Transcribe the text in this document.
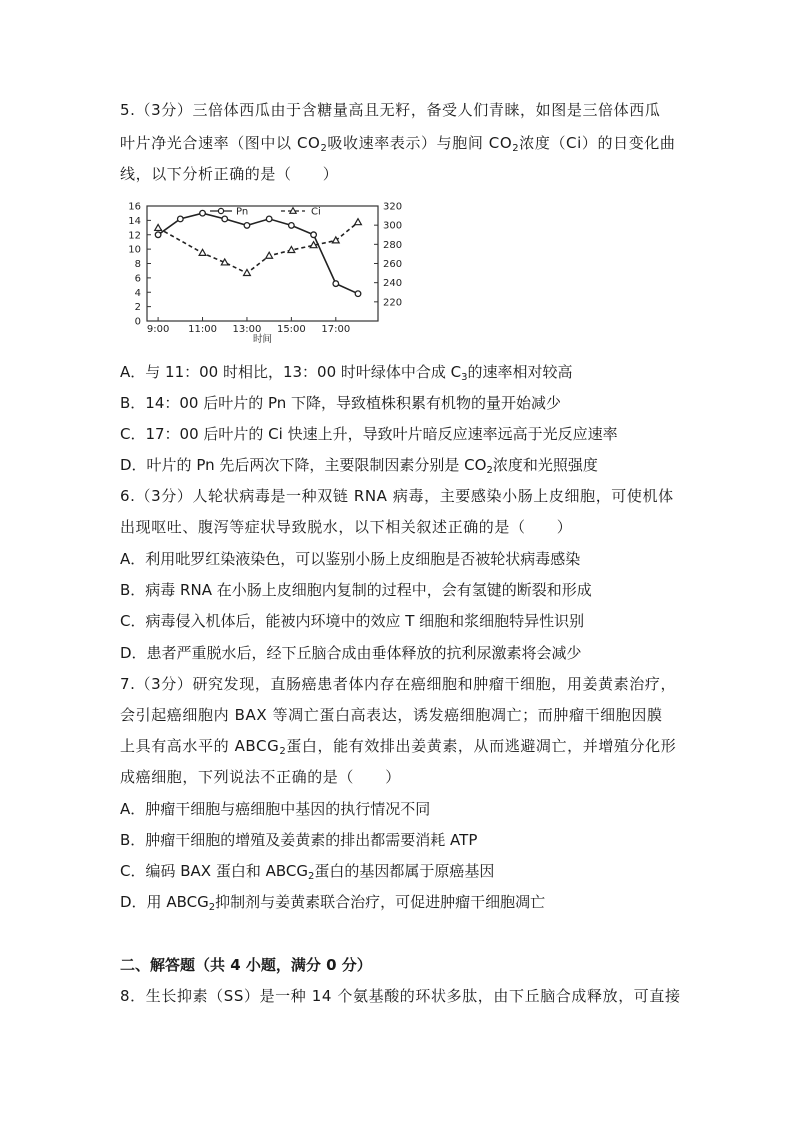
5.（3分）三倍体西瓜由于含糖量高且无籽，备受人们青睐，如图是三倍体西瓜
叶片净光合速率（图中以 $CO_2$吸收速率表示）与胞间 $CO_2$浓度（Ci）的日变化曲
线，以下分析正确的是（　　）
0
2
4
6
8
10
12
14
16
220
240
260
280
300
320
9:00 11:00 13:00 15:00 17:00
时间
Pn	Ci
A．与 11：00 时相比，13：00 时叶绿体中合成 $C_3$的速率相对较高
B．14：00 后叶片的 Pn 下降，导致植株积累有机物的量开始减少
C．17：00 后叶片的 Ci 快速上升，导致叶片暗反应速率远高于光反应速率
D．叶片的 Pn 先后两次下降，主要限制因素分别是 $CO_2$浓度和光照强度
6.（3分）人轮状病毒是一种双链 RNA 病毒，主要感染小肠上皮细胞，可使机体
出现呕吐、腹泻等症状导致脱水，以下相关叙述正确的是（　　）
A．利用吡罗红染液染色，可以鉴别小肠上皮细胞是否被轮状病毒感染
B．病毒 RNA 在小肠上皮细胞内复制的过程中，会有氢键的断裂和形成
C．病毒侵入机体后，能被内环境中的效应 T 细胞和浆细胞特异性识别
D．患者严重脱水后，经下丘脑合成由垂体释放的抗利尿激素将会减少
7.（3分）研究发现，直肠癌患者体内存在癌细胞和肿瘤干细胞，用姜黄素治疗，
会引起癌细胞内 BAX 等凋亡蛋白高表达，诱发癌细胞凋亡；而肿瘤干细胞因膜
上具有高水平的 $ABCG_2$蛋白，能有效排出姜黄素，从而逃避凋亡，并增殖分化形
成癌细胞，下列说法不正确的是（　　）
A．肿瘤干细胞与癌细胞中基因的执行情况不同
B．肿瘤干细胞的增殖及姜黄素的排出都需要消耗 ATP
C．编码 BAX 蛋白和 $ABCG_2$蛋白的基因都属于原癌基因
D．用 $ABCG_2$抑制剂与姜黄素联合治疗，可促进肿瘤干细胞凋亡
二、解答题（共 4 小题，满分 0 分）
8．生长抑素（SS）是一种 14 个氨基酸的环状多肽，由下丘脑合成释放，可直接
